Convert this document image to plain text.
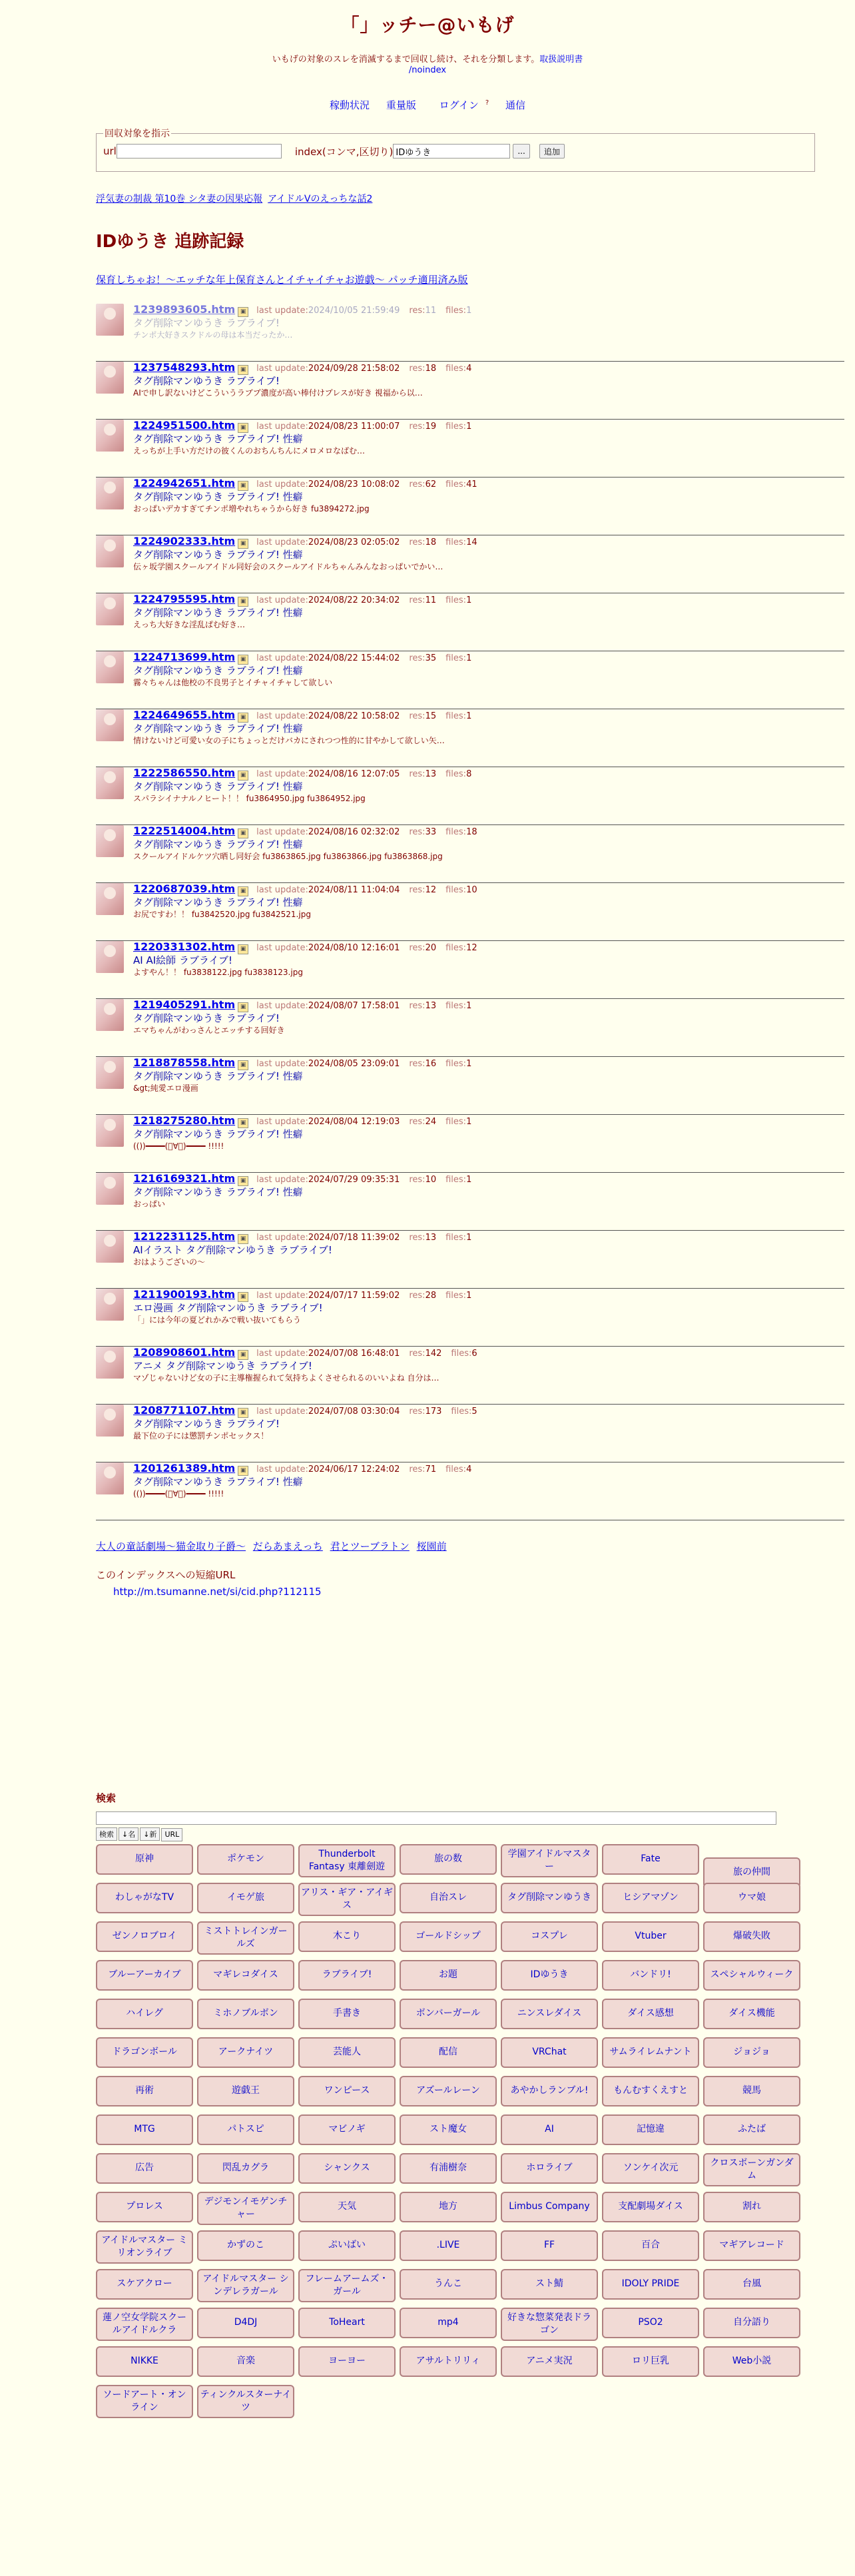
「」ッチー@いもげ
いもげの対象のスレを消滅するまで回収し続け、それを分類します。取扱説明書
/noindex
稼動状況 重量版 ログイン ? 通信
回収対象を指示
url	index(コンマ,区切り)
IDゆうき	...	追加
浮気妻の制裁 第10巻 シタ妻の因果応報 アイドルVのえっちな話2
IDゆうき 追跡記録
保育しちゃお！〜エッチな年上保育さんとイチャイチャお遊戯〜 パッチ適用済み版
1239893605.htm ▣ last update:2024/10/05 21:59:49 res:11 files:1
タグ削除マンゆうき ラブライブ!
チンポ大好きスクドルの母は本当だったか…
1237548293.htm ▣ last update:2024/09/28 21:58:02 res:18 files:4
タグ削除マンゆうき ラブライブ!
AIで申し訳ないけどこういうラブプ濃度が高い棒付けプレスが好き 視福から以…
1224951500.htm ▣ last update:2024/08/23 11:00:07 res:19 files:1
タグ削除マンゆうき ラブライブ! 性癖
えっちが上手い方だけの彼くんのおちんちんにメロメロなばむ…
1224942651.htm ▣ last update:2024/08/23 10:08:02 res:62 files:41
タグ削除マンゆうき ラブライブ! 性癖
おっぱいデカすぎてチンポ増やれちゃうから好き fu3894272.jpg
1224902333.htm ▣ last update:2024/08/23 02:05:02 res:18 files:14
タグ削除マンゆうき ラブライブ! 性癖
伝ヶ坂学園スクールアイドル同好会のスクールアイドルちゃんみんなおっぱいでかい…
1224795595.htm ▣ last update:2024/08/22 20:34:02 res:11 files:1
タグ削除マンゆうき ラブライブ! 性癖
えっち大好きな淫乱ぱむ好き…
1224713699.htm ▣ last update:2024/08/22 15:44:02 res:35 files:1
タグ削除マンゆうき ラブライブ! 性癖
霧々ちゃんは他校の不良男子とイチャイチャして欲しい
1224649655.htm ▣ last update:2024/08/22 10:58:02 res:15 files:1
タグ削除マンゆうき ラブライブ! 性癖
情けないけど可愛い女の子にちょっとだけバカにされつつ性的に甘やかして欲しい矢…
1222586550.htm ▣ last update:2024/08/16 12:07:05 res:13 files:8
タグ削除マンゆうき ラブライブ! 性癖
スパラシイナナルノヒート！！ fu3864950.jpg fu3864952.jpg
1222514004.htm ▣ last update:2024/08/16 02:32:02 res:33 files:18
タグ削除マンゆうき ラブライブ! 性癖
スクールアイドルケツ穴晒し同好会 fu3863865.jpg fu3863866.jpg fu3863868.jpg
1220687039.htm ▣ last update:2024/08/11 11:04:04 res:12 files:10
タグ削除マンゆうき ラブライブ! 性癖
お尻ですわ！！ fu3842520.jpg fu3842521.jpg
1220331302.htm ▣ last update:2024/08/10 12:16:01 res:20 files:12
AI AI絵師 ラブライブ!
よすやん！！ fu3838122.jpg fu3838123.jpg
1219405291.htm ▣ last update:2024/08/07 17:58:01 res:13 files:1
タグ削除マンゆうき ラブライブ!
エマちゃんがわっさんとエッチする回好き
1218878558.htm ▣ last update:2024/08/05 23:09:01 res:16 files:1
タグ削除マンゆうき ラブライブ! 性癖
&gt;純愛エロ漫画
1218275280.htm ▣ last update:2024/08/04 12:19:03 res:24 files:1
タグ削除マンゆうき ラブライブ! 性癖
(())━━━━(ﾟ∀ﾟ)━━━━ !!!!!
1216169321.htm ▣ last update:2024/07/29 09:35:31 res:10 files:1
タグ削除マンゆうき ラブライブ! 性癖
おっぱい
1212231125.htm ▣ last update:2024/07/18 11:39:02 res:13 files:1
AIイラスト タグ削除マンゆうき ラブライブ!
おはようございの〜
1211900193.htm ▣ last update:2024/07/17 11:59:02 res:28 files:1
エロ漫画 タグ削除マンゆうき ラブライブ!
「」には今年の夏どれかみで戦い抜いてもらう
1208908601.htm ▣ last update:2024/07/08 16:48:01 res:142 files:6
アニメ タグ削除マンゆうき ラブライブ!
マゾじゃないけど女の子に主導権握られて気持ちよくさせられるのいいよね 自分は…
1208771107.htm ▣ last update:2024/07/08 03:30:04 res:173 files:5
タグ削除マンゆうき ラブライブ!
最下位の子には懲罰チンポセックス！
1201261389.htm ▣ last update:2024/06/17 12:24:02 res:71 files:4
タグ削除マンゆうき ラブライブ! 性癖
(())━━━━(ﾟ∀ﾟ)━━━━ !!!!!
大人の童話劇場〜猫金取り子爵〜 だらあまえっち 君とツーブラトン 桜園前
このインデックスへの短縮URL
http://m.tsumanne.net/si/cid.php?112115
検索
検索 ↓名 ↓新 URL
原神	ポケモン	Thunderbolt Fantasy 東離劍遊
旅の数	学園アイドルマスター
Fate
旅の仲間
わしゃがなTV	イモゲ旅	アリス・ギア・アイギス
自治スレ	タグ削除マンゆうき	ヒシアマゾン	ウマ娘
ゼンノロブロイ	ミストトレインガールズ
木こり	ゴールドシップ	コスプレ	Vtuber	爆破失敗
ブルーアーカイブ	マギレコダイス	ラブライブ!	お題	IDゆうき	バンドリ!	スペシャルウィーク
ハイレグ	ミホノブルボン	手書き	ボンバーガール	ニンスレダイス	ダイス感想	ダイス機能
ドラゴンボール	アークナイツ	芸能人	配信	VRChat	サムライレムナント	ジョジョ
再術	遊戯王	ワンピース	アズールレーン	あやかしランブル!	もんむすくえすと	競馬
MTG	パトスピ	マビノギ	スト魔女	AI	記憶違	ふたば
広告	閃乱カグラ	シャンクス	有浦樹奈	ホロライブ	ソンケイ次元	クロスボーンガンダム
プロレス	デジモンイモゲンチャー
天気	地方	Limbus Company	支配劇場ダイス	割れ
アイドルマスター ミリオンライブ
かずのこ	ぷいばい	.LIVE	FF	百合	マギアレコード
スケアクロー	アイドルマスター シンデレラガール
フレームアームズ・ガール
うんこ	スト鯖	IDOLY PRIDE	台風
蓮ノ空女学院スクールアイドルクラ
D4DJ	ToHeart	mp4	好きな惣菜発表ドラゴン
PSO2	自分語り
NIKKE	音楽	ヨーヨー	アサルトリリィ	アニメ実況	ロリ巨乳	Web小説
ソードアート・オンライン
ティンクルスターナイツ
